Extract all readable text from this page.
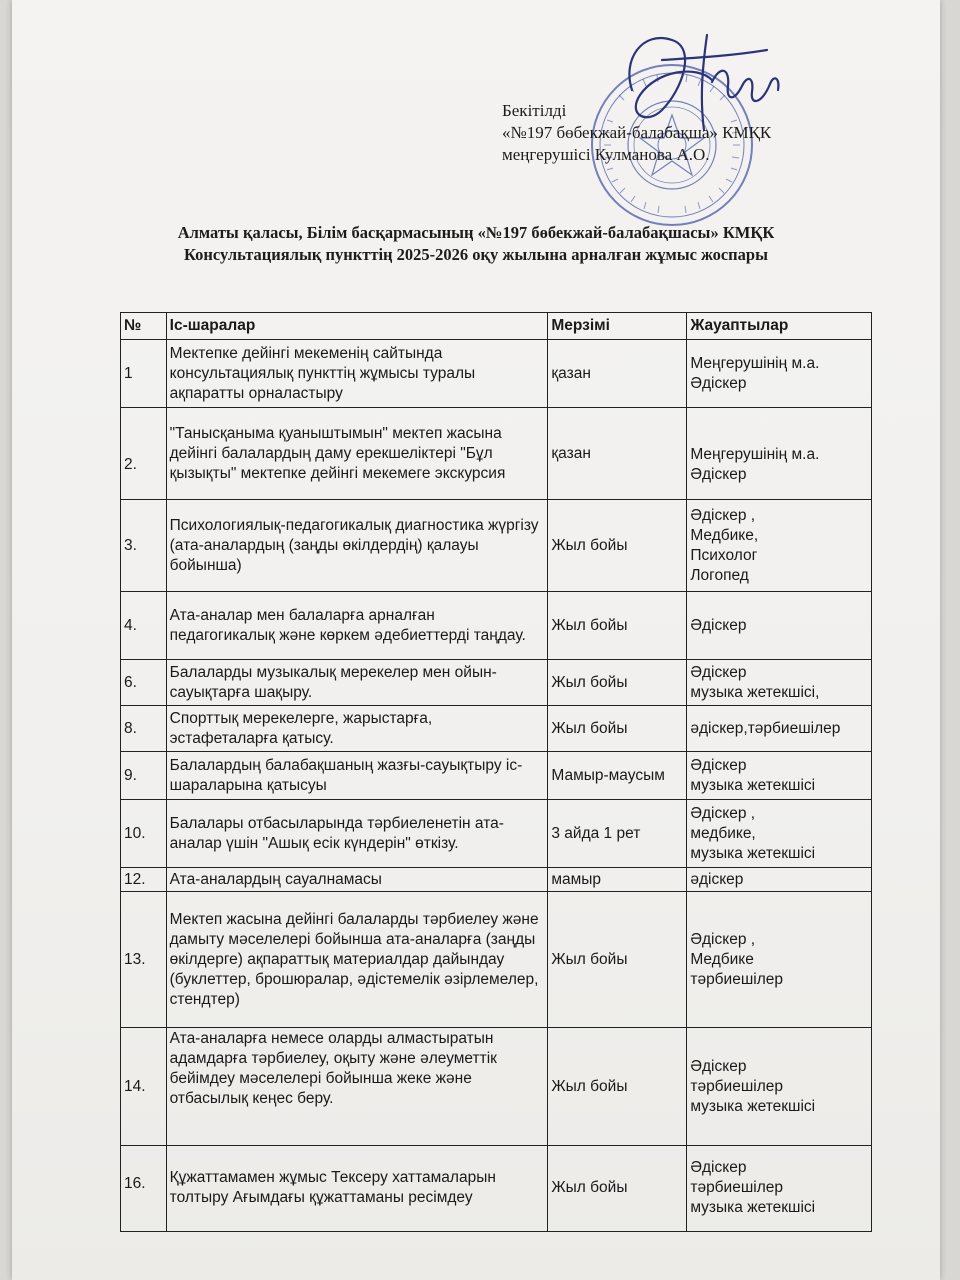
Бекітілді
«№197 бөбекжай-балабақша» КМҚК
меңгерушісі Кулманова А.О.
Алматы қаласы, Білім басқармасының «№197 бөбекжай-балабақшасы» КМҚК
Консультациялық пункттің 2025-2026 оқу жылына арналған жұмыс жоспары
№	Іс-шаралар	Мерзімі	Жауаптылар
1	Мектепке дейінгі мекеменің сайтында консультациялық пункттің жұмысы туралы ақпаратты орналастыру	қазан	Меңгерушінің м.а.
Әдіскер

2.	"Танысқаныма қуаныштымын" мектеп жасына дейінгі балалардың даму ерекшеліктері "Бұл қызықты" мектепке дейінгі мекемеге экскурсия	қазан	Меңгерушінің м.а.
Әдіскер

3.	Психологиялық-педагогикалық диагностика жүргізу (ата-аналардың (заңды өкілдердің) қалауы бойынша)	Жыл бойы	Әдіскер ,
Медбике,
Психолог
Логопед

4.	Ата-аналар мен балаларға арналған педагогикалық және көркем әдебиеттерді таңдау.	Жыл бойы	Әдіскер

6.	Балаларды музыкалық мерекелер мен ойын-сауықтарға шақыру.	Жыл бойы	Әдіскер
музыка жетекшісі,

8.	Спорттық мерекелерге, жарыстарға, эстафеталарға қатысу.	Жыл бойы	әдіскер,тәрбиешілер

9.	Балалардың балабақшаның жазғы-сауықтыру іс-шараларына қатысуы	Мамыр-маусым	Әдіскер
музыка жетекшісі

10.	Балалары отбасыларында тәрбиеленетін ата-аналар үшін "Ашық есік күндерін" өткізу.	3 айда 1 рет	Әдіскер ,
медбике,
музыка жетекшісі

12.	Ата-аналардың сауалнамасы	мамыр	әдіскер

13.	Мектеп жасына дейінгі балаларды тәрбиелеу және дамыту мәселелері бойынша ата-аналарға (заңды өкілдерге) ақпараттық материалдар дайындау (буклеттер, брошюралар, әдістемелік әзірлемелер, стендтер)	Жыл бойы	Әдіскер ,
Медбике
тәрбиешілер

14.	Ата-аналарға немесе оларды алмастыратын адамдарға тәрбиелеу, оқыту және әлеуметтік бейімдеу мәселелері бойынша жеке және отбасылық кеңес беру.	Жыл бойы	Әдіскер
тәрбиешілер
музыка жетекшісі

16.	Құжаттамамен жұмыс Тексеру хаттамаларын толтыру Ағымдағы құжаттаманы ресімдеу	Жыл бойы	Әдіскер
тәрбиешілер
музыка жетекшісі
